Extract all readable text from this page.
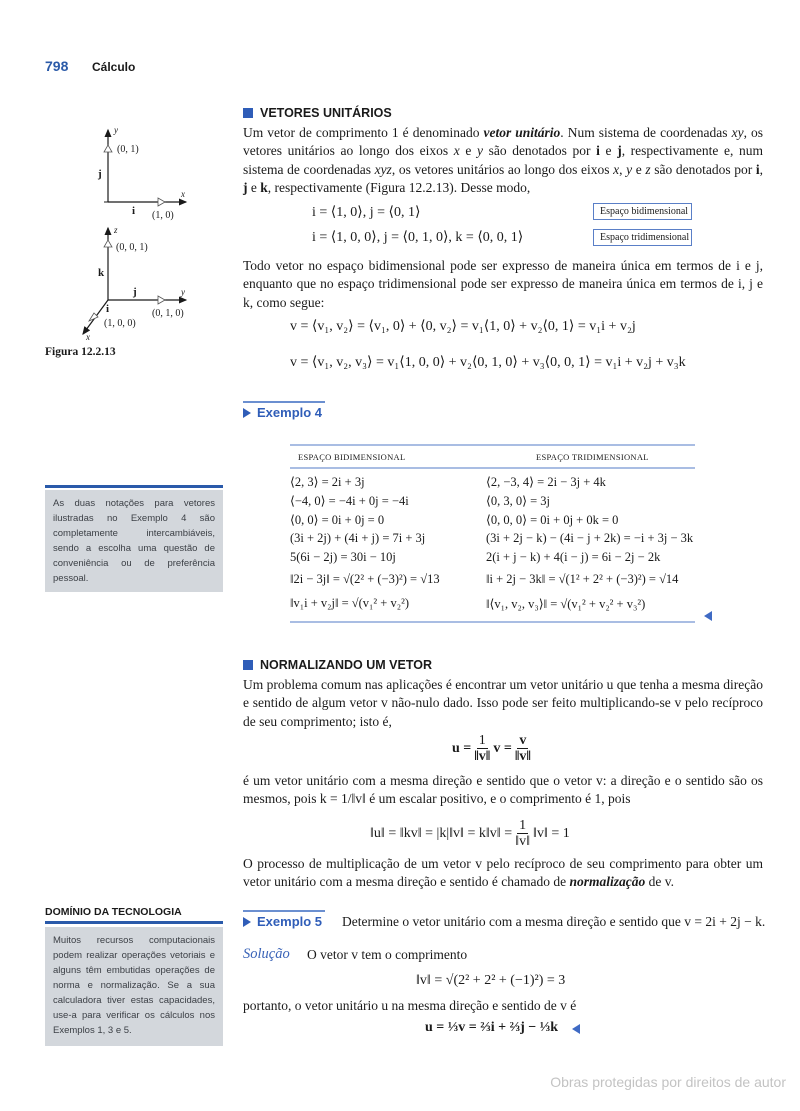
798 Cálculo
y
x
(0, 1)
j
i (1, 0)
z
y
x
(0, 0, 1)
k
j
(0, 1, 0)
i
(1, 0, 0)
Figura 12.2.13
VETORES UNITÁRIOS
Um vetor de comprimento 1 é denominado vetor unitário. Num sistema de coordenadas xy, os vetores unitários ao longo dos eixos x e y são denotados por i e j, respectivamente e, num sistema de coordenadas xyz, os vetores unitários ao longo dos eixos x, y e z são denotados por i, j e k, respectivamente (Figura 12.2.13). Desse modo,
i = ⟨1, 0⟩, j = ⟨0, 1⟩
i = ⟨1, 0, 0⟩, j = ⟨0, 1, 0⟩, k = ⟨0, 0, 1⟩
Espaço bidimensional
Espaço tridimensional
Todo vetor no espaço bidimensional pode ser expresso de maneira única em termos de i e j, enquanto que no espaço tridimensional pode ser expresso de maneira única em termos de i, j e k, como segue:
v = ⟨v₁, v₂⟩ = ⟨v₁, 0⟩ + ⟨0, v₂⟩ = v₁⟨1, 0⟩ + v₂⟨0, 1⟩ = v₁i + v₂j
v = ⟨v₁, v₂, v₃⟩ = v₁⟨1, 0, 0⟩ + v₂⟨0, 1, 0⟩ + v₃⟨0, 0, 1⟩ = v₁i + v₂j + v₃k
Exemplo 4
ESPAÇO BIDIMENSIONAL	ESPAÇO TRIDIMENSIONAL
⟨2, 3⟩ = 2i + 3j	⟨2, −3, 4⟩ = 2i − 3j + 4k
⟨−4, 0⟩ = −4i + 0j = −4i	⟨0, 3, 0⟩ = 3j
⟨0, 0⟩ = 0i + 0j = 0	⟨0, 0, 0⟩ = 0i + 0j + 0k = 0
(3i + 2j) + (4i + j) = 7i + 3j	(3i + 2j − k) − (4i − j + 2k) = −i + 3j − 3k
5(6i − 2j) = 30i − 10j	2(i + j − k) + 4(i − j) = 6i − 2j − 2k
‖2i − 3j‖ = √(2² + (−3)²) = √13	‖i + 2j − 3k‖ = √(1² + 2² + (−3)²) = √14
‖v₁i + v₂j‖ = √(v₁² + v₂²)	‖⟨v₁, v₂, v₃⟩‖ = √(v₁² + v₂² + v₃²)
As duas notações para vetores ilustradas no Exemplo 4 são completamente intercambiáveis, sendo a escolha uma questão de conveniência ou de preferência pessoal.
NORMALIZANDO UM VETOR
Um problema comum nas aplicações é encontrar um vetor unitário u que tenha a mesma direção e sentido de algum vetor v não-nulo dado. Isso pode ser feito multiplicando-se v pelo recíproco de seu comprimento; isto é,
$u = \frac{1}{‖v‖}$ $v = \frac{v}{‖v‖}$
é um vetor unitário com a mesma direção e sentido que o vetor v: a direção e o sentido são os mesmos, pois k = 1/‖v‖ é um escalar positivo, e o comprimento é 1, pois
‖u‖ = ‖kv‖ = |k|‖v‖ = k‖v‖ = $\frac{1}{‖v‖}$ ‖v‖ = 1
O processo de multiplicação de um vetor v pelo recíproco de seu comprimento para obter um vetor unitário com a mesma direção e sentido é chamado de normalização de v.
Exemplo 5 Determine o vetor unitário com a mesma direção e sentido que v = 2i + 2j − k.
Solução O vetor v tem o comprimento
‖v‖ = √(2² + 2² + (−1)²) = 3
portanto, o vetor unitário u na mesma direção e sentido de v é
u = ⅓v = ⅔i + ⅔j − ⅓k
DOMÍNIO DA TECNOLOGIA
Muitos recursos computacionais podem realizar operações vetoriais e alguns têm embutidas operações de norma e normalização. Se a sua calculadora tiver estas capacidades, use-a para verificar os cálculos nos Exemplos 1, 3 e 5.
Obras protegidas por direitos de autor
